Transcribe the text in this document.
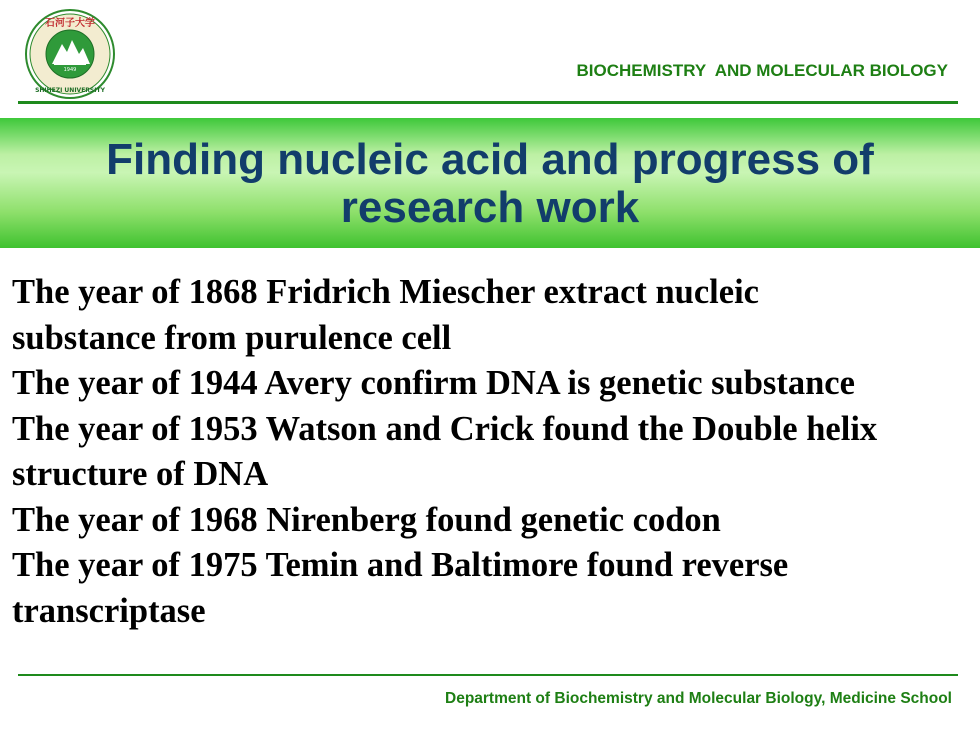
1949
石河子大学
SHIHEZI UNIVERSITY
BIOCHEMISTRY  AND MOLECULAR BIOLOGY
Finding nucleic acid and progress of
research work
The year of 1868 Fridrich Miescher extract nucleic
substance from purulence cell
The year of 1944 Avery confirm DNA is genetic substance
The year of 1953 Watson and Crick found the Double helix
structure of DNA
The year of 1968 Nirenberg found genetic codon
The year of 1975 Temin and Baltimore found reverse
transcriptase
Department of Biochemistry and Molecular Biology, Medicine School
